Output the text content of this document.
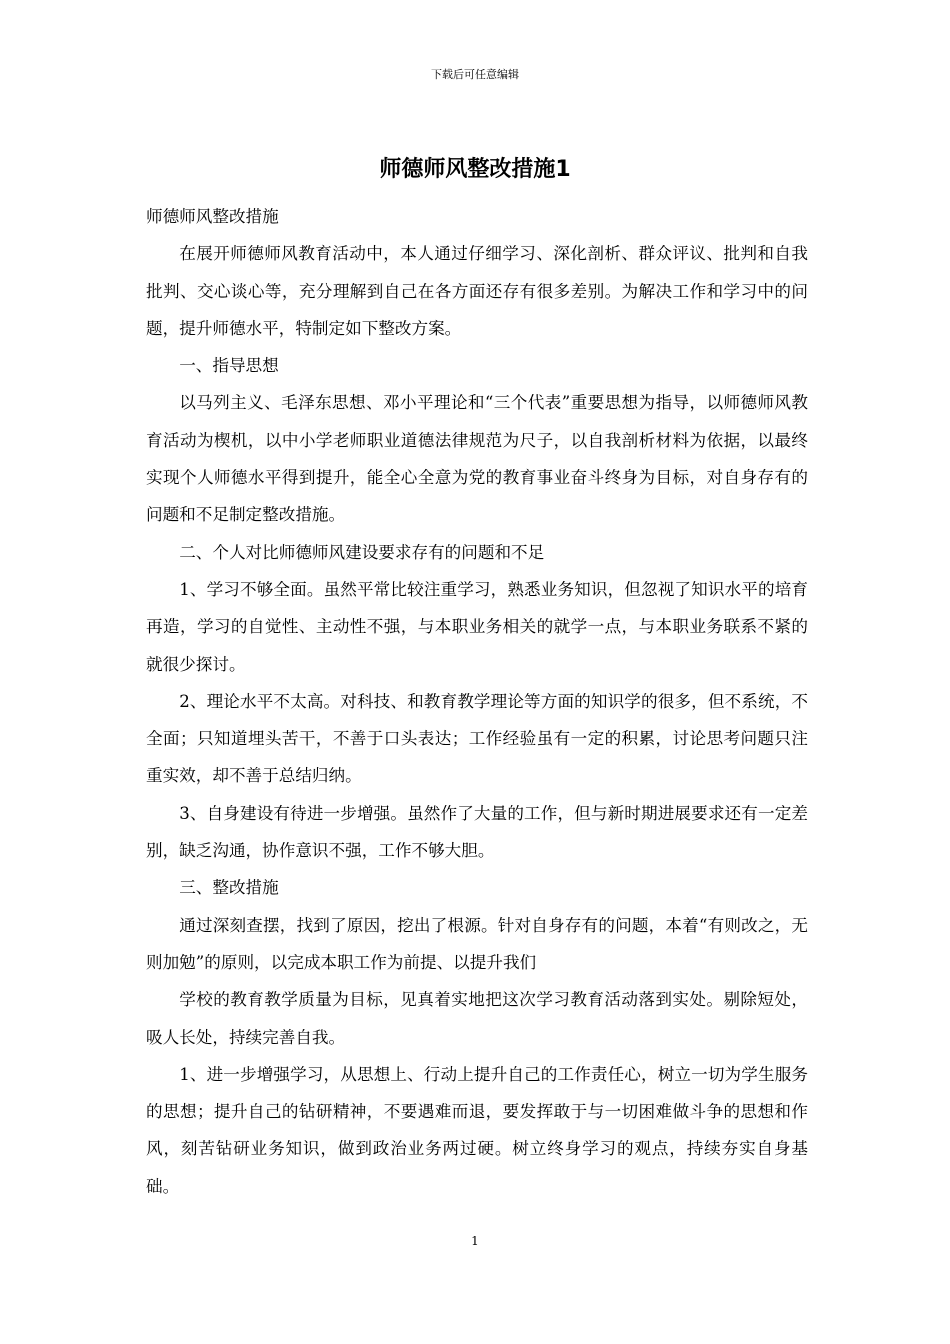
下载后可任意编辑
师德师风整改措施1

师德师风整改措施

在展开师德师风教育活动中，本人通过仔细学习、深化剖析、群众评议、批判和自我批判、交心谈心等，充分理解到自己在各方面还存有很多差别。为解决工作和学习中的问题，提升师德水平，特制定如下整改方案。

一、指导思想

以马列主义、毛泽东思想、邓小平理论和“三个代表”重要思想为指导，以师德师风教育活动为楔机，以中小学老师职业道德法律规范为尺子，以自我剖析材料为依据，以最终实现个人师德水平得到提升，能全心全意为党的教育事业奋斗终身为目标，对自身存有的问题和不足制定整改措施。

二、个人对比师德师风建设要求存有的问题和不足

1、学习不够全面。虽然平常比较注重学习，熟悉业务知识，但忽视了知识水平的培育再造，学习的自觉性、主动性不强，与本职业务相关的就学一点，与本职业务联系不紧的就很少探讨。

2、理论水平不太高。对科技、和教育教学理论等方面的知识学的很多，但不系统，不全面；只知道埋头苦干，不善于口头表达；工作经验虽有一定的积累，讨论思考问题只注重实效，却不善于总结归纳。

3、自身建设有待进一步增强。虽然作了大量的工作，但与新时期进展要求还有一定差别，缺乏沟通，协作意识不强，工作不够大胆。

三、整改措施

通过深刻查摆，找到了原因，挖出了根源。针对自身存有的问题，本着“有则改之，无则加勉”的原则，以完成本职工作为前提、以提升我们

学校的教育教学质量为目标，见真着实地把这次学习教育活动落到实处。剔除短处，吸人长处，持续完善自我。

1、进一步增强学习，从思想上、行动上提升自己的工作责任心，树立一切为学生服务的思想；提升自己的钻研精神，不要遇难而退，要发挥敢于与一切困难做斗争的思想和作风，刻苦钻研业务知识，做到政治业务两过硬。树立终身学习的观点，持续夯实自身基础。

1
